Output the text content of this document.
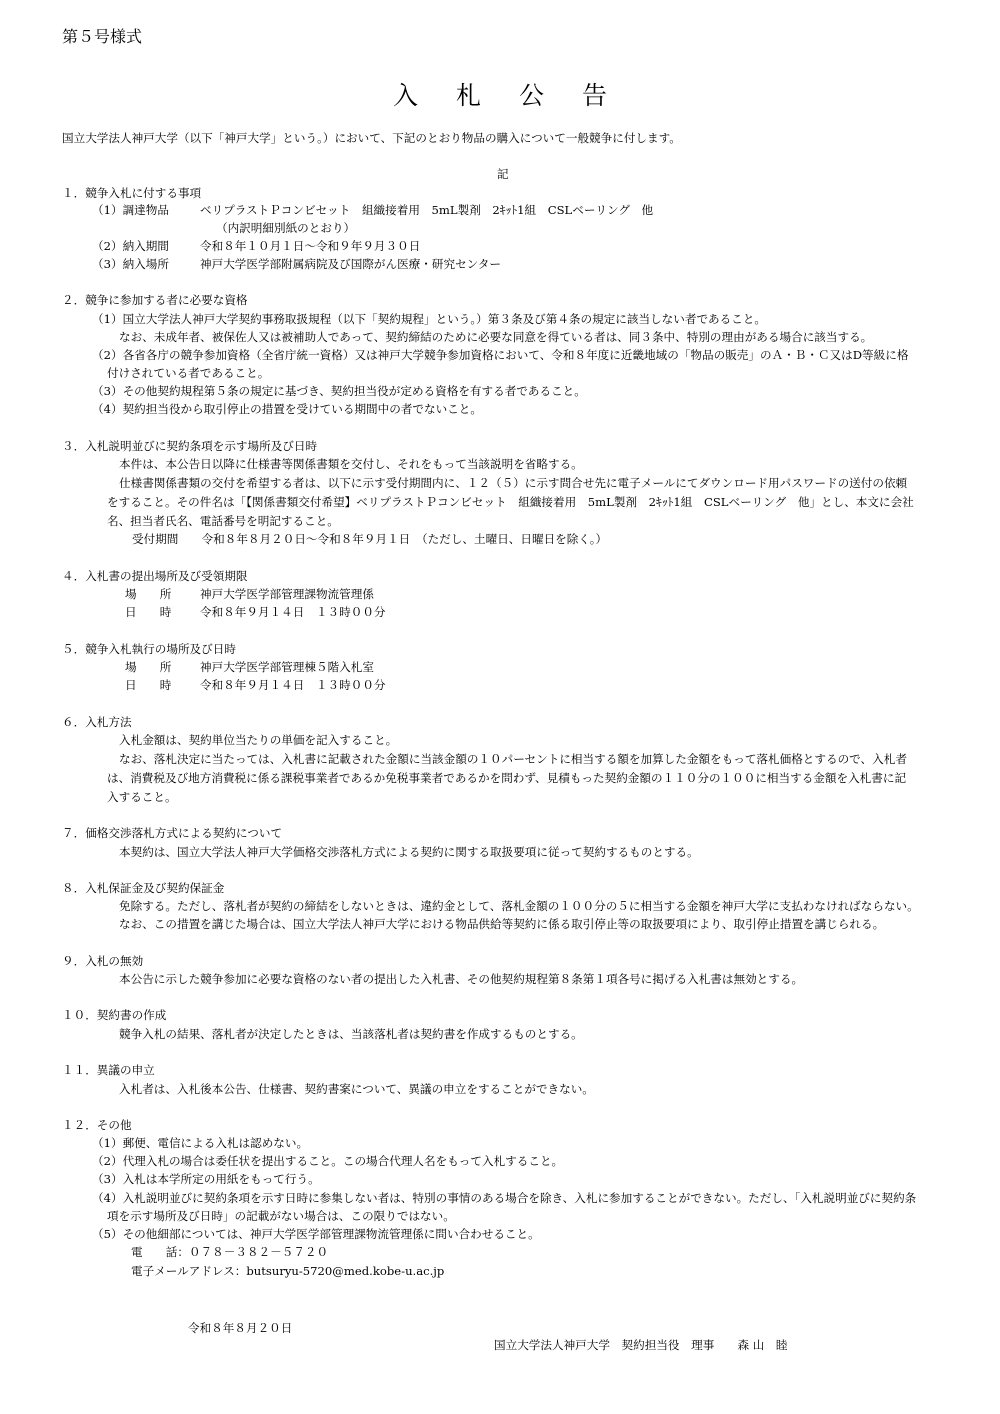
第５号様式
入札公告
国立大学法人神戸大学（以下「神戸大学」という。）において、下記のとおり物品の購入について一般競争に付します。
記
１．競争入札に付する事項
（1）調達物品	ベリプラストＰコンビセット　組織接着用　5mL製剤　2ｷｯﾄ1組　CSLベーリング　他
（内訳明細別紙のとおり）
（2）納入期間	令和８年１０月１日～令和９年９月３０日
（3）納入場所	神戸大学医学部附属病院及び国際がん医療・研究センター
２．競争に参加する者に必要な資格
（1）国立大学法人神戸大学契約事務取扱規程（以下「契約規程」という。）第３条及び第４条の規定に該当しない者であること。
なお、未成年者、被保佐人又は被補助人であって、契約締結のために必要な同意を得ている者は、同３条中、特別の理由がある場合に該当する。
（2）各省各庁の競争参加資格（全省庁統一資格）又は神戸大学競争参加資格において、令和８年度に近畿地域の「物品の販売」のＡ・Ｂ・Ｃ又はD等級に格
付けされている者であること。
（3）その他契約規程第５条の規定に基づき、契約担当役が定める資格を有する者であること。
（4）契約担当役から取引停止の措置を受けている期間中の者でないこと。
３．入札説明並びに契約条項を示す場所及び日時
本件は、本公告日以降に仕様書等関係書類を交付し、それをもって当該説明を省略する。
仕様書関係書類の交付を希望する者は、以下に示す受付期間内に、１２（５）に示す問合せ先に電子メールにてダウンロード用パスワードの送付の依頼
をすること。その件名は「【関係書類交付希望】ベリプラストＰコンビセット　組織接着用　5mL製剤　2ｷｯﾄ1組　CSLベーリング　他」とし、本文に会社
名、担当者氏名、電話番号を明記すること。
受付期間　　令和８年８月２０日～令和８年９月１日　（ただし、土曜日、日曜日を除く。）
４．入札書の提出場所及び受領期限
場　　所 神戸大学医学部管理課物流管理係
日　　時 令和８年９月１４日　１３時００分
５．競争入札執行の場所及び日時
場　　所 神戸大学医学部管理棟５階入札室
日　　時 令和８年９月１４日　１３時００分
６．入札方法
入札金額は、契約単位当たりの単価を記入すること。
なお、落札決定に当たっては、入札書に記載された金額に当該金額の１０パーセントに相当する額を加算した金額をもって落札価格とするので、入札者
は、消費税及び地方消費税に係る課税事業者であるか免税事業者であるかを問わず、見積もった契約金額の１１０分の１００に相当する金額を入札書に記
入すること。
７．価格交渉落札方式による契約について
本契約は、国立大学法人神戸大学価格交渉落札方式による契約に関する取扱要項に従って契約するものとする。
８．入札保証金及び契約保証金
免除する。ただし、落札者が契約の締結をしないときは、違約金として、落札金額の１００分の５に相当する金額を神戸大学に支払わなければならない。
なお、この措置を講じた場合は、国立大学法人神戸大学における物品供給等契約に係る取引停止等の取扱要項により、取引停止措置を講じられる。
９．入札の無効
本公告に示した競争参加に必要な資格のない者の提出した入札書、その他契約規程第８条第１項各号に掲げる入札書は無効とする。
１０．契約書の作成
競争入札の結果、落札者が決定したときは、当該落札者は契約書を作成するものとする。
１１．異議の申立
入札者は、入札後本公告、仕様書、契約書案について、異議の申立をすることができない。
１２．その他
（1）郵便、電信による入札は認めない。
（2）代理入札の場合は委任状を提出すること。この場合代理人名をもって入札すること。
（3）入札は本学所定の用紙をもって行う。
（4）入札説明並びに契約条項を示す日時に参集しない者は、特別の事情のある場合を除き、入札に参加することができない。ただし、「入札説明並びに契約条
項を示す場所及び日時」の記載がない場合は、この限りではない。
（5）その他細部については、神戸大学医学部管理課物流管理係に問い合わせること。
電　　話：０７８－３８２－５７２０
電子メールアドレス：butsuryu-5720@med.kobe-u.ac.jp
令和８年８月２０日
国立大学法人神戸大学　契約担当役　理事　　森 山　睦
